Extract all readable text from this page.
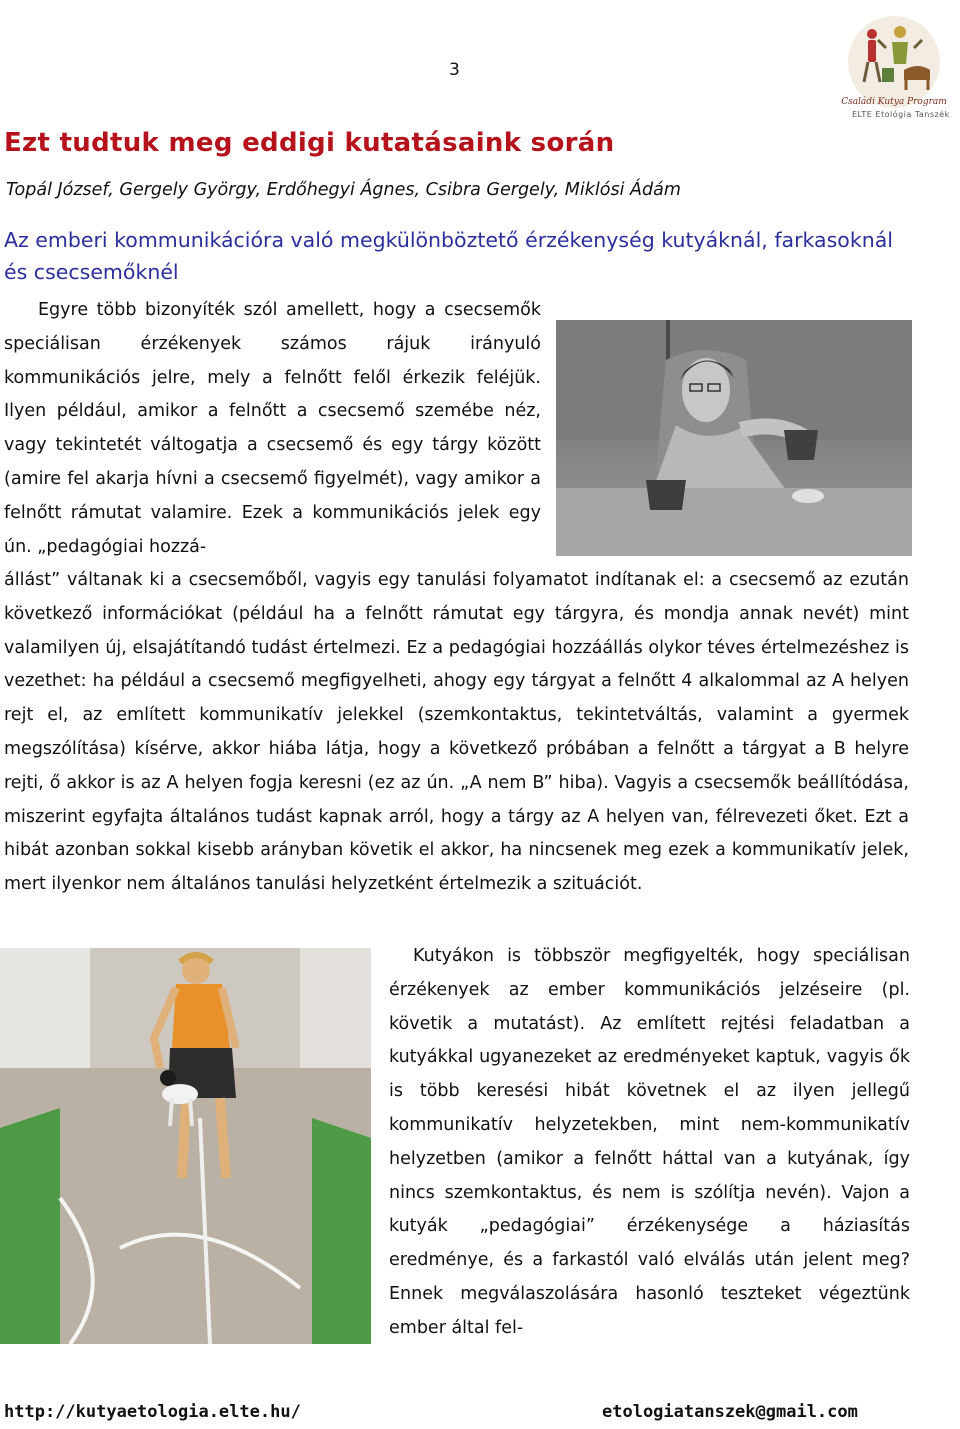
3
Családi Kutya Program
ELTE Etológia Tanszék
Ezt tudtuk meg eddigi kutatásaink során

Topál József, Gergely György, Erdőhegyi Ágnes, Csibra Gergely, Miklósi Ádám

Az emberi kommunikációra való megkülönböztető érzékenység kutyáknál, farkasoknál és csecsemőknél

Egyre több bizonyíték szól amellett, hogy a csecsemők speciálisan érzékenyek számos rájuk irányuló kommunikációs jelre, mely a felnőtt felől érkezik feléjük. Ilyen például, amikor a felnőtt a csecsemő szemébe néz, vagy tekintetét váltogatja a csecsemő és egy tárgy között (amire fel akarja hívni a csecsemő figyelmét), vagy amikor a felnőtt rámutat valamire. Ezek a kommunikációs jelek egy ún. „pedagógiai hozzá-

állást” váltanak ki a csecsemőből, vagyis egy tanulási folyamatot indítanak el: a csecsemő az ezután következő információkat (például ha a felnőtt rámutat egy tárgyra, és mondja annak nevét) mint valamilyen új, elsajátítandó tudást értelmezi. Ez a pedagógiai hozzáállás olykor téves értelmezéshez is vezethet: ha például a csecsemő megfigyelheti, ahogy egy tárgyat a felnőtt 4 alkalommal az A helyen rejt el, az említett kommunikatív jelekkel (szemkontaktus, tekintetváltás, valamint a gyermek megszólítása) kísérve, akkor hiába látja, hogy a következő próbában a felnőtt a tárgyat a B helyre rejti, ő akkor is az A helyen fogja keresni (ez az ún. „A nem B” hiba). Vagyis a csecsemők beállítódása, miszerint egyfajta általános tudást kapnak arról, hogy a tárgy az A helyen van, félrevezeti őket. Ezt a hibát azonban sokkal kisebb arányban követik el akkor, ha nincsenek meg ezek a kommunikatív jelek, mert ilyenkor nem általános tanulási helyzetként értelmezik a szituációt.

Kutyákon is többször megfigyelték, hogy speciálisan érzékenyek az ember kommunikációs jelzéseire (pl. követik a mutatást). Az említett rejtési feladatban a kutyákkal ugyanezeket az eredményeket kaptuk, vagyis ők is több keresési hibát követnek el az ilyen jellegű kommunikatív helyzetekben, mint nem-kommunikatív helyzetben (amikor a felnőtt háttal van a kutyának, így nincs szemkontaktus, és nem is szólítja nevén). Vajon a kutyák „pedagógiai” érzékenysége a háziasítás eredménye, és a farkastól való elválás után jelent meg? Ennek megválaszolására hasonló teszteket végeztünk ember által fel-

http://kutyaetologia.elte.hu/	etologiatanszek@gmail.com
